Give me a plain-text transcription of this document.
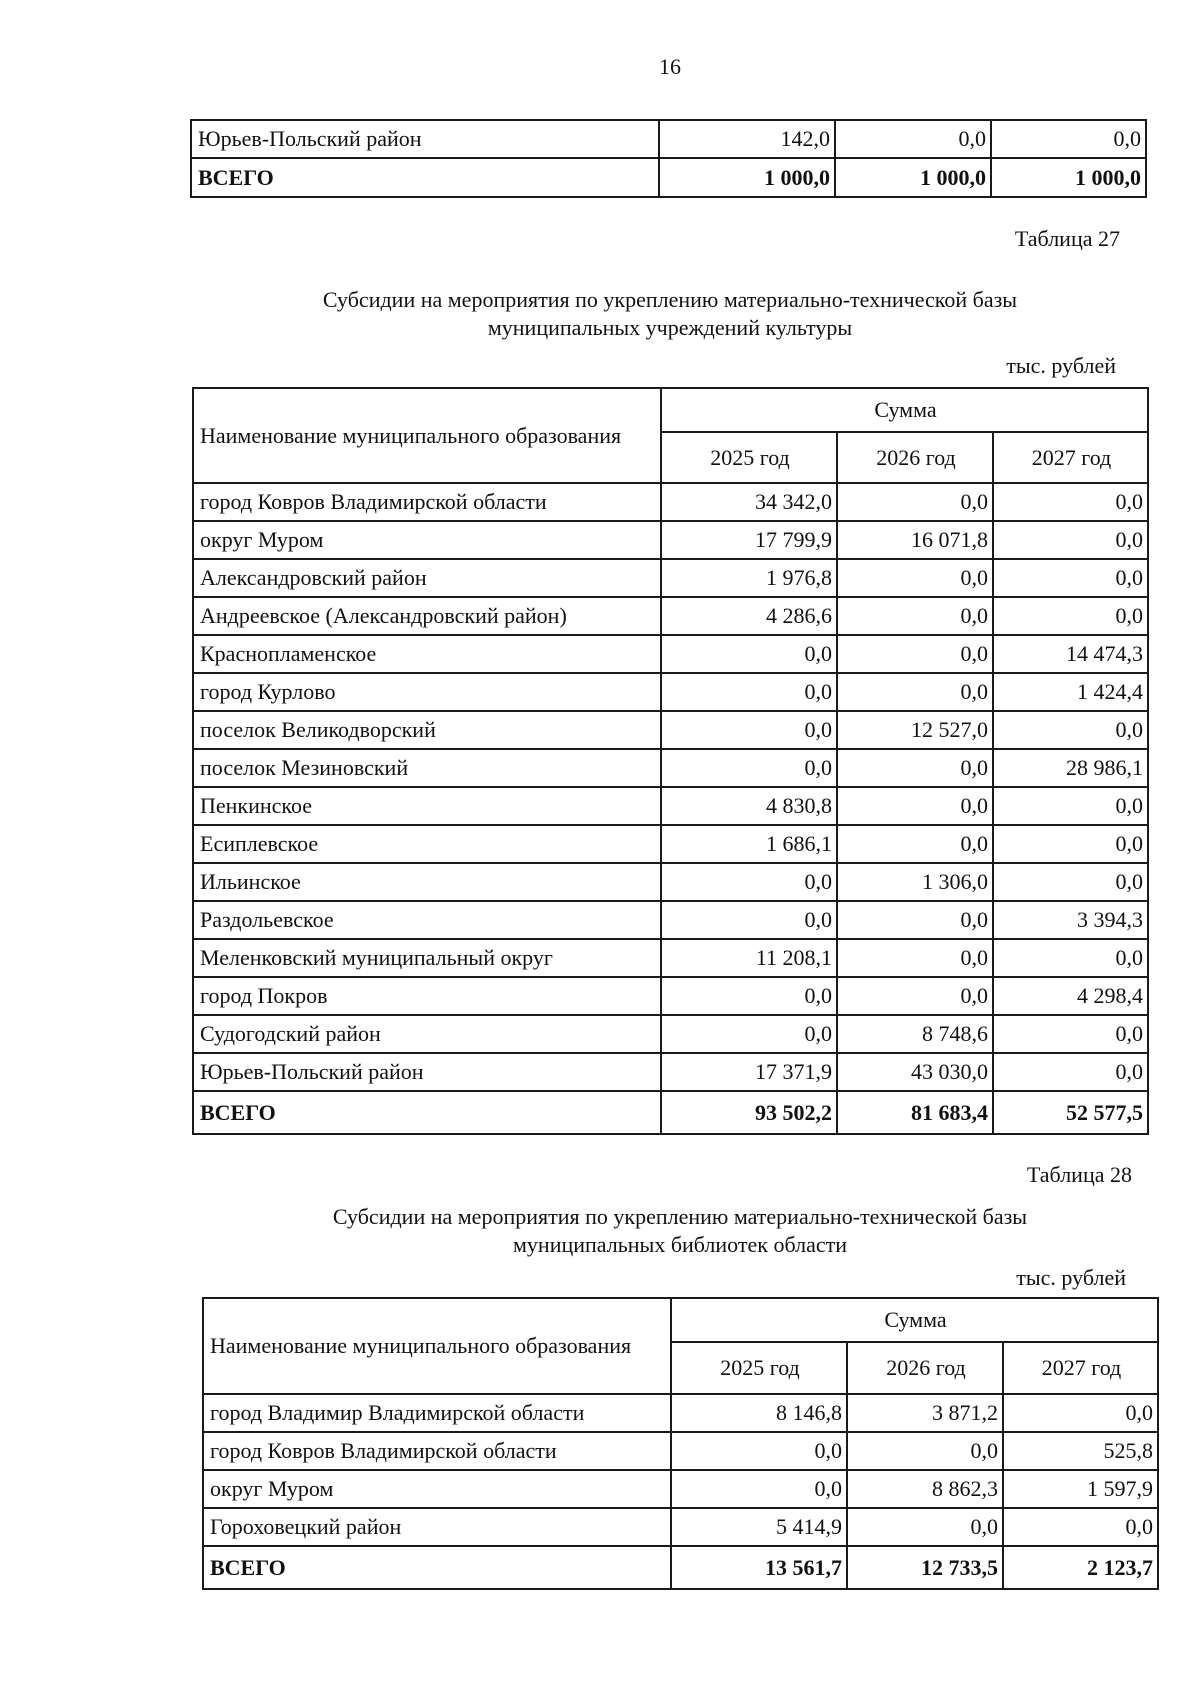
16
Юрьев-Польский район	142,0	0,0	0,0
ВСЕГО	1 000,0	1 000,0	1 000,0
Таблица 27
Субсидии на мероприятия по укреплению материально-технической базы
муниципальных учреждений культуры
тыс. рублей
Наименование муниципального образования	Сумма		
	2025 год	2026 год	2027 год
город Ковров Владимирской области	34 342,0	0,0	0,0
округ Муром	17 799,9	16 071,8	0,0
Александровский район	1 976,8	0,0	0,0
Андреевское (Александровский район)	4 286,6	0,0	0,0
Краснопламенское	0,0	0,0	14 474,3
город Курлово	0,0	0,0	1 424,4
поселок Великодворский	0,0	12 527,0	0,0
поселок Мезиновский	0,0	0,0	28 986,1
Пенкинское	4 830,8	0,0	0,0
Есиплевское	1 686,1	0,0	0,0
Ильинское	0,0	1 306,0	0,0
Раздольевское	0,0	0,0	3 394,3
Меленковский муниципальный округ	11 208,1	0,0	0,0
город Покров	0,0	0,0	4 298,4
Судогодский район	0,0	8 748,6	0,0
Юрьев-Польский район	17 371,9	43 030,0	0,0
ВСЕГО	93 502,2	81 683,4	52 577,5
Таблица 28
Субсидии на мероприятия по укреплению материально-технической базы
муниципальных библиотек области
тыс. рублей
Наименование муниципального образования	Сумма		
	2025 год	2026 год	2027 год
город Владимир Владимирской области	8 146,8	3 871,2	0,0
город Ковров Владимирской области	0,0	0,0	525,8
округ Муром	0,0	8 862,3	1 597,9
Гороховецкий район	5 414,9	0,0	0,0
ВСЕГО	13 561,7	12 733,5	2 123,7
